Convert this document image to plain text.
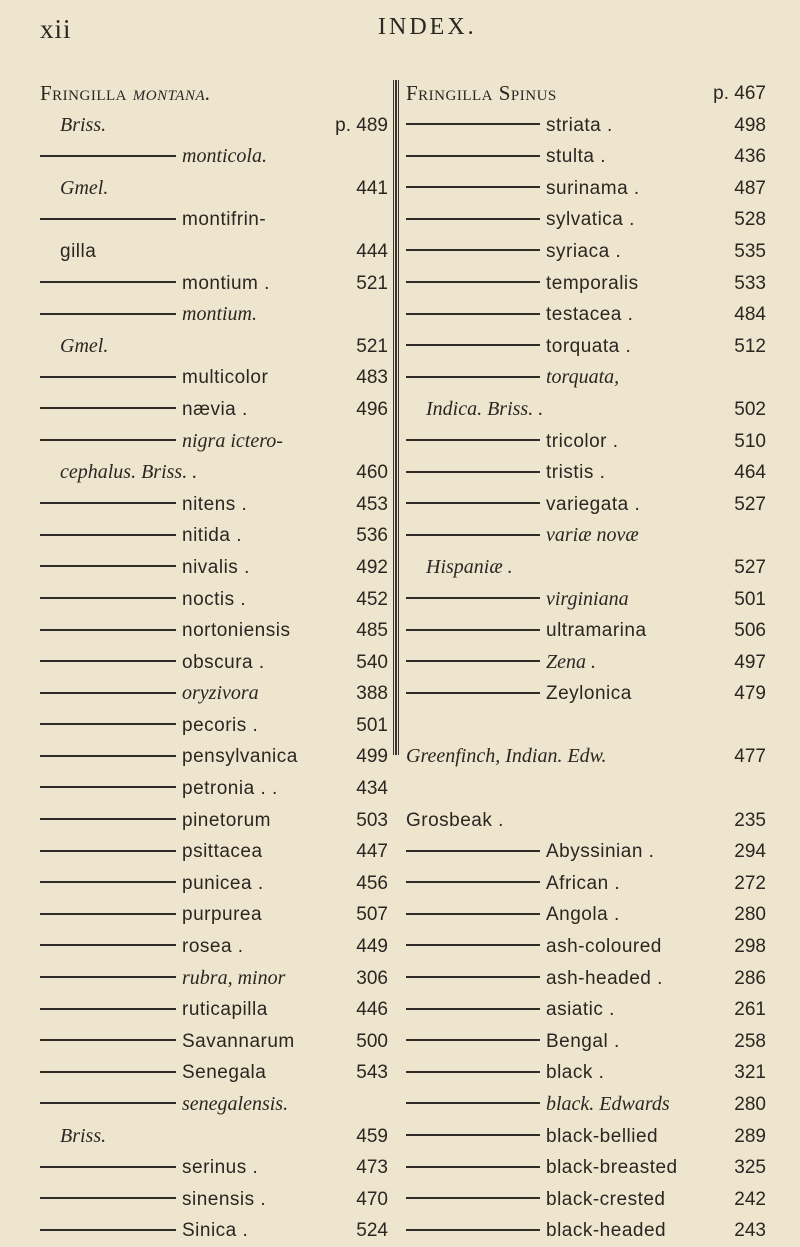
xii	INDEX.
Fringilla montana.
Briss.	p. 489
monticola.
Gmel.	441
montifrin-
gilla	444
montium .	521
montium.
Gmel.	521
multicolor	483
nævia .	496
nigra ictero-
cephalus. Briss. .	460
nitens .	453
nitida .	536
nivalis .	492
noctis .	452
nortoniensis	485
obscura .	540
oryzivora	388
pecoris .	501
pensylvanica	499
petronia . .	434
pinetorum	503
psittacea	447
punicea .	456
purpurea	507
rosea .	449
rubra, minor	306
ruticapilla	446
Savannarum	500
Senegala	543
senegalensis.
Briss.	459
serinus .	473
sinensis .	470
Sinica .	524
Fringilla Spinus	p. 467
striata .	498
stulta .	436
surinama .	487
sylvatica .	528
syriaca .	535
temporalis	533
testacea .	484
torquata .	512
torquata,
Indica. Briss. .	502
tricolor .	510
tristis .	464
variegata .	527
variæ novæ
Hispaniæ .	527
virginiana	501
ultramarina	506
Zena .	497
Zeylonica	479
Greenfinch, Indian. Edw.	477
Grosbeak .	235
Abyssinian .	294
African .	272
Angola .	280
ash-coloured	298
ash-headed .	286
asiatic .	261
Bengal .	258
black .	321
black. Edwards	280
black-bellied	289
black-breasted	325
black-crested	242
black-headed	243
